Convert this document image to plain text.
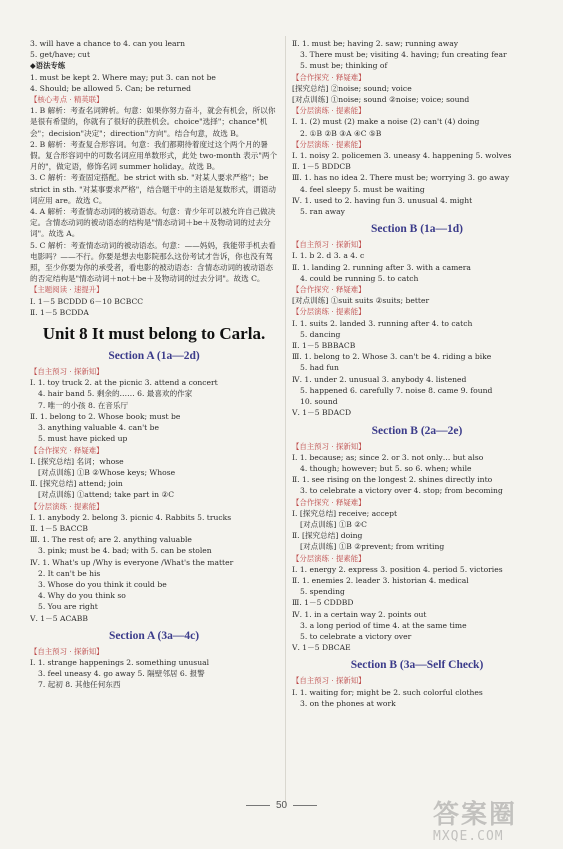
3. will have a chance to 4. can you learn
5. get/have; cut
◆语法专练
1. must be kept 2. Where may; put 3. can not be
4. Should; be allowed 5. Can; be returned
【核心考点 · 精英联】
1. B 解析：考查名词辨析。句意：如果你努力奋斗，就会有机会，所以你是很有希望的，你就有了很好的获胜机会。choice"选择"；chance"机会"；decision"决定"；direction"方向"。结合句意，故选 B。
2. B 解析：考查复合形容词。句意：我们都期待着度过这个两个月的暑假。复合形容词中的可数名词应用单数形式，此处 two-month 表示"两个月的"，做定语，修饰名词 summer holiday。故选 B。
3. C 解析：考查固定搭配。be strict with sb. "对某人要求严格"；be strict in sth. "对某事要求严格"，结合题干中的主语是复数形式，谓语动词应用 are。故选 C。
4. A 解析：考查情态动词的被动语态。句意：青少年可以被允许自己做决定。含情态动词的被动语态的结构是"情态动词＋be＋及物动词的过去分词"。故选 A。
5. C 解析：考查情态动词的被动语态。句意：——妈妈，我能带手机去看电影吗？——不行。你要是想去电影院那么这份考试才告诉，你也没有驾照，至少你要为你的承受者，看电影的被动语态：含情态动词的被动语态的否定结构是"情态动词＋not＋be＋及物动词的过去分词"。故选 C。
【主题阅读 · 速提升】
Ⅰ. 1－5 BCDDD 6－10 BCBCC
Ⅱ. 1－5 BCDDA
Unit 8 It must belong to Carla.
Section A (1a—2d)
【自主预习 · 探新知】
Ⅰ. 1. toy truck 2. at the picnic 3. attend a concert
4. hair band 5. 剩余的…… 6. 最喜欢的作家
7. 唯一的小孩 8. 在音乐厅
Ⅱ. 1. belong to 2. Whose book; must be
3. anything valuable 4. can't be
5. must have picked up
【合作探究 · 释疑难】
Ⅰ. [探究总结] 名词；whose
[对点训练] ①B ②Whose keys; Whose
Ⅱ. [探究总结] attend; join
[对点训练] ①attend; take part in ②C
【分层演练 · 提素能】
Ⅰ. 1. anybody 2. belong 3. picnic 4. Rabbits 5. trucks
Ⅱ. 1－5 BACCB
Ⅲ. 1. The rest of; are 2. anything valuable
3. pink; must be 4. bad; with 5. can be stolen
Ⅳ. 1. What's up /Why is everyone /What's the matter
2. It can't be his
3. Whose do you think it could be
4. Why do you think so
5. You are right
Ⅴ. 1－5 ACABB
Section A (3a—4c)
【自主预习 · 探新知】
Ⅰ. 1. strange happenings 2. something unusual
3. feel uneasy 4. go away 5. 隔壁邻居 6. 报警
7. 起初 8. 其他任何东西
Ⅱ. 1. must be; having 2. saw; running away
3. There must be; visiting 4. having; fun creating fear
5. must be; thinking of
【合作探究 · 释疑难】
[探究总结] ②noise; sound; voice
[对点训练] ①noise; sound ②noise; voice; sound
【分层演练 · 提素能】
Ⅰ. 1. (2) must (2) make a noise (2) can't (4) doing
2. ①B ②B ③A ④C ⑤B
【分层演练 · 提素能】
Ⅰ. 1. noisy 2. policemen 3. uneasy 4. happening 5. wolves
Ⅱ. 1－5 BDDCB
Ⅲ. 1. has no idea 2. There must be; worrying 3. go away
4. feel sleepy 5. must be waiting
Ⅳ. 1. used to 2. having fun 3. unusual 4. might
5. ran away
Section B (1a—1d)
【自主预习 · 探新知】
Ⅰ. 1. b 2. d 3. a 4. c
Ⅱ. 1. landing 2. running after 3. with a camera
4. could be running 5. to catch
【合作探究 · 释疑难】
[对点训练] ①suit suits ②suits; better
【分层演练 · 提素能】
Ⅰ. 1. suits 2. landed 3. running after 4. to catch
5. dancing
Ⅱ. 1－5 BBBACB
Ⅲ. 1. belong to 2. Whose 3. can't be 4. riding a bike
5. had fun
Ⅳ. 1. under 2. unusual 3. anybody 4. listened
5. happened 6. carefully 7. noise 8. came 9. found
10. sound
Ⅴ. 1－5 BDACD
Section B (2a—2e)
【自主预习 · 探新知】
Ⅰ. 1. because; as; since 2. or 3. not only… but also
4. though; however; but 5. so 6. when; while
Ⅱ. 1. see rising on the longest 2. shines directly into
3. to celebrate a victory over 4. stop; from becoming
【合作探究 · 释疑难】
Ⅰ. [探究总结] receive; accept
[对点训练] ①B ②C
Ⅱ. [探究总结] doing
[对点训练] ①B ②prevent; from writing
【分层演练 · 提素能】
Ⅰ. 1. energy 2. express 3. position 4. period 5. victories
Ⅱ. 1. enemies 2. leader 3. historian 4. medical
5. spending
Ⅲ. 1－5 CDDBD
Ⅳ. 1. in a certain way 2. points out
3. a long period of time 4. at the same time
5. to celebrate a victory over
Ⅴ. 1－5 DBCAE
Section B (3a—Self Check)
【自主预习 · 探新知】
Ⅰ. 1. waiting for; might be 2. such colorful clothes
3. on the phones at work
50	答案圈
MXQE.COM
